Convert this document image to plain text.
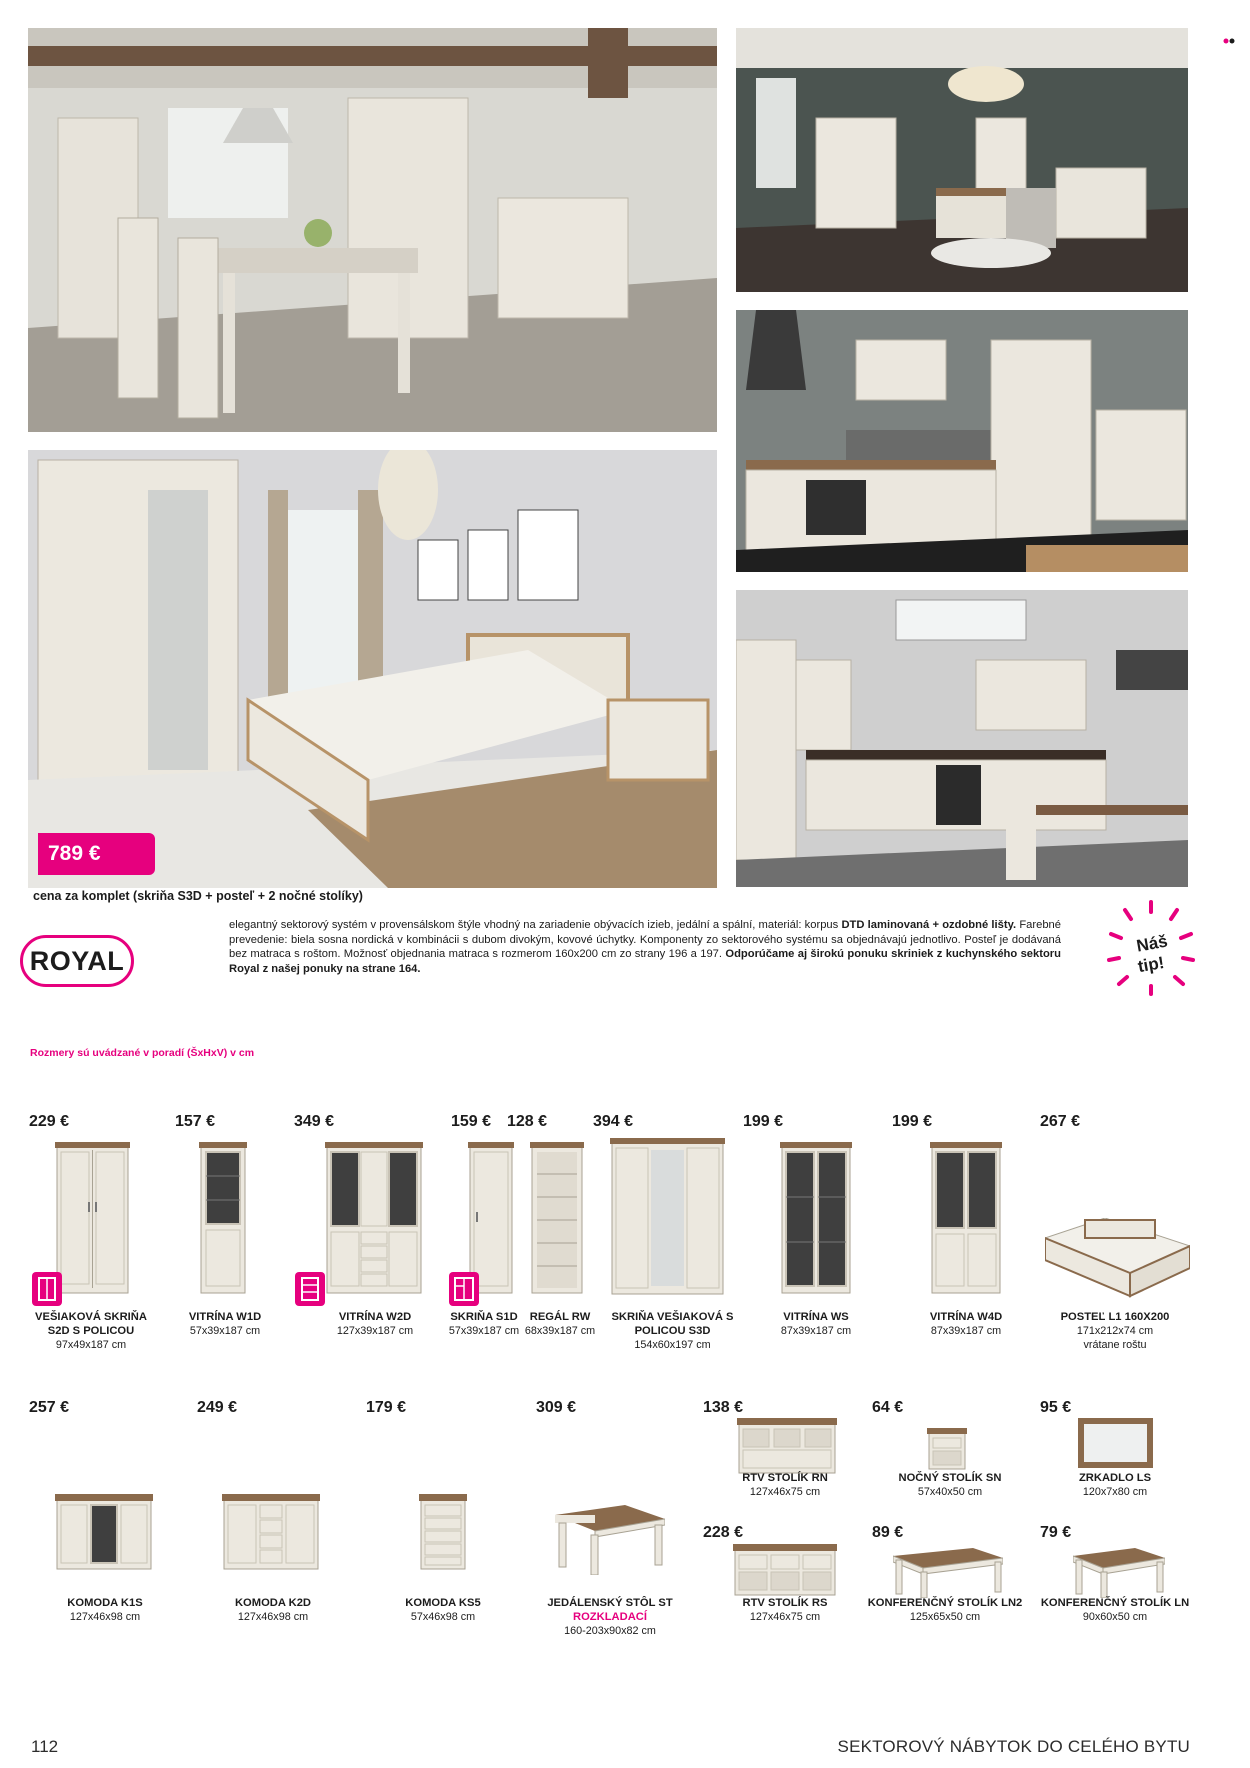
789 €
cena za komplet (skriňa S3D + posteľ + 2 nočné stolíky)
ROYAL
elegantný sektorový systém v provensálskom štýle vhodný na zariadenie obývacích izieb, jedální a spální, materiál: korpus DTD laminovaná + ozdobné lišty. Farebné prevedenie: biela sosna nordická v kombinácii s dubom divokým, kovové úchytky. Komponenty zo sektorového systému sa objednávajú jednotlivo. Posteľ je dodávaná bez matraca s roštom. Možnosť objednania matraca s rozmerom 160x200 cm zo strany 196 a 197. Odporúčame aj širokú ponuku skriniek z kuchynského sektoru Royal z našej ponuky na strane 164.
Náš
tip!
Rozmery sú uvádzané v poradí (ŠxHxV) v cm
229 €
VEŠIAKOVÁ SKRIŇA
S2D S POLICOU
97x49x187 cm
157 €
VITRÍNA W1D
57x39x187 cm
349 €
VITRÍNA W2D
127x39x187 cm
159 €
SKRIŇA S1D
57x39x187 cm
128 €
REGÁL RW
68x39x187 cm
394 €
SKRIŇA VEŠIAKOVÁ S
POLICOU S3D
154x60x197 cm
199 €
VITRÍNA WS
87x39x187 cm
199 €
VITRÍNA W4D
87x39x187 cm
267 €
POSTEĽ L1 160X200
171x212x74 cm
vrátane roštu
257 €
KOMODA K1S
127x46x98 cm
249 €
KOMODA K2D
127x46x98 cm
179 €
KOMODA KS5
57x46x98 cm
309 €
JEDÁLENSKÝ STÔL ST
ROZKLADACÍ
160-203x90x82 cm
138 €
RTV STOLÍK RN
127x46x75 cm
228 €
RTV STOLÍK RS
127x46x75 cm
64 €
NOČNÝ STOLÍK SN
57x40x50 cm
89 €
KONFERENČNÝ STOLÍK LN2
125x65x50 cm
95 €
ZRKADLO LS
120x7x80 cm
79 €
KONFERENČNÝ STOLÍK LN
90x60x50 cm
112	SEKTOROVÝ NÁBYTOK DO CELÉHO BYTU
